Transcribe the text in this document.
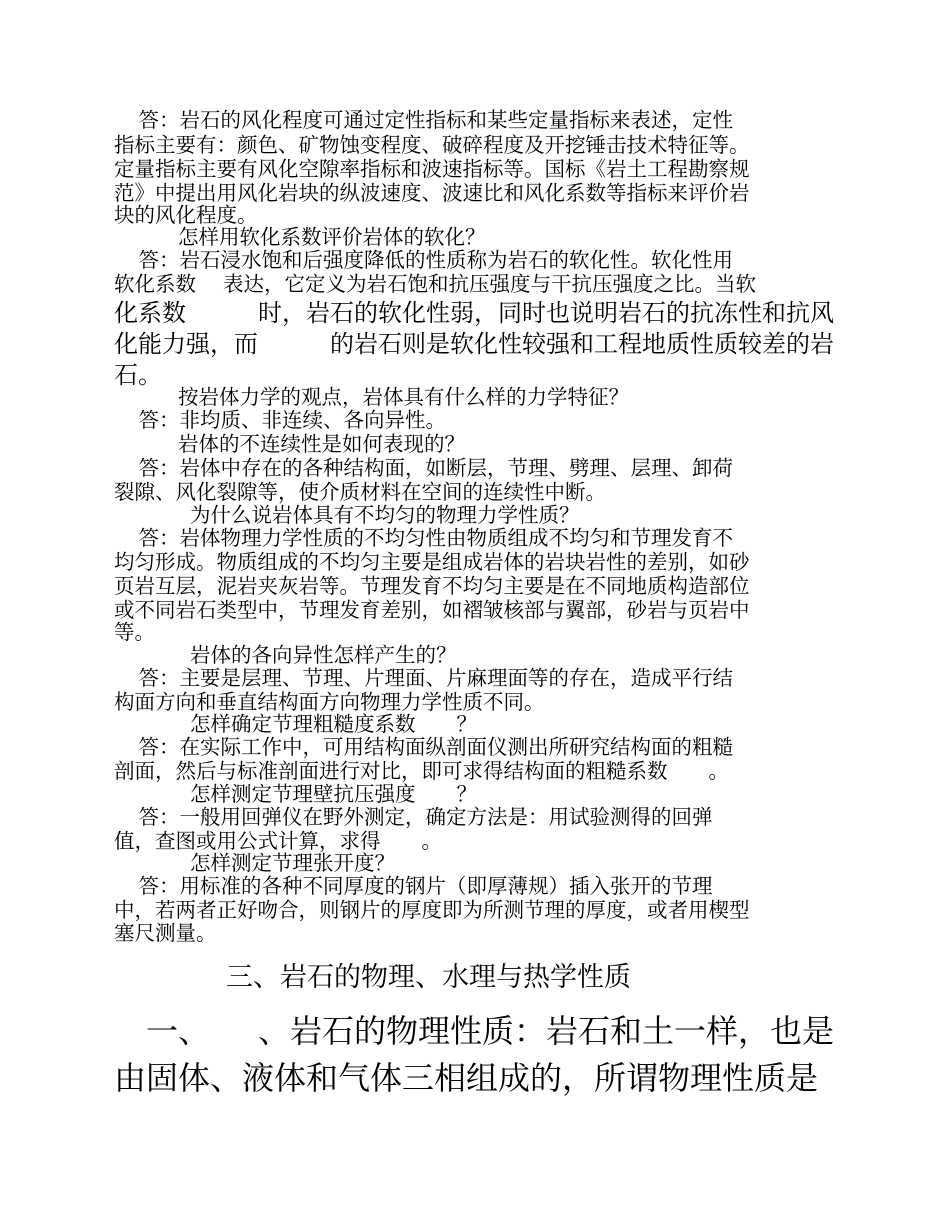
　答：岩石的风化程度可通过定性指标和某些定量指标来表述，定性
指标主要有：颜色、矿物蚀变程度、破碎程度及开挖锤击技术特征等。
定量指标主要有风化空隙率指标和波速指标等。国标《岩土工程勘察规
范》中提出用风化岩块的纵波速度、波速比和风化系数等指标来评价岩
块的风化程度。
怎样用软化系数评价岩体的软化？
　答：岩石浸水饱和后强度降低的性质称为岩石的软化性。软化性用
软化系数　 表达，它定义为岩石饱和抗压强度与干抗压强度之比。当软
化系数　　　时，岩石的软化性弱，同时也说明岩石的抗冻性和抗风
化能力强，而　　　的岩石则是软化性较强和工程地质性质较差的岩
石。
按岩体力学的观点，岩体具有什么样的力学特征？
　答：非均质、非连续、各向异性。
岩体的不连续性是如何表现的？
　答：岩体中存在的各种结构面，如断层，节理、劈理、层理、卸荷
裂隙、风化裂隙等，使介质材料在空间的连续性中断。
为什么说岩体具有不均匀的物理力学性质？
　答：岩体物理力学性质的不均匀性由物质组成不均匀和节理发育不
均匀形成。物质组成的不均匀主要是组成岩体的岩块岩性的差别，如砂
页岩互层，泥岩夹灰岩等。节理发育不均匀主要是在不同地质构造部位
或不同岩石类型中，节理发育差别，如褶皱核部与翼部，砂岩与页岩中
等。
岩体的各向异性怎样产生的？
　答：主要是层理、节理、片理面、片麻理面等的存在，造成平行结
构面方向和垂直结构面方向物理力学性质不同。
怎样确定节理粗糙度系数　　？
　答：在实际工作中，可用结构面纵剖面仪测出所研究结构面的粗糙
剖面，然后与标准剖面进行对比，即可求得结构面的粗糙系数　　。
怎样测定节理壁抗压强度　　？
　答：一般用回弹仪在野外测定，确定方法是：用试验测得的回弹
值，查图或用公式计算，求得　　。
怎样测定节理张开度？
　答：用标准的各种不同厚度的钢片（即厚薄规）插入张开的节理
中，若两者正好吻合，则钢片的厚度即为所测节理的厚度，或者用楔型
塞尺测量。
三、岩石的物理、水理与热学性质
一、　　、岩石的物理性质：岩石和土一样，也是
由固体、液体和气体三相组成的，所谓物理性质是
